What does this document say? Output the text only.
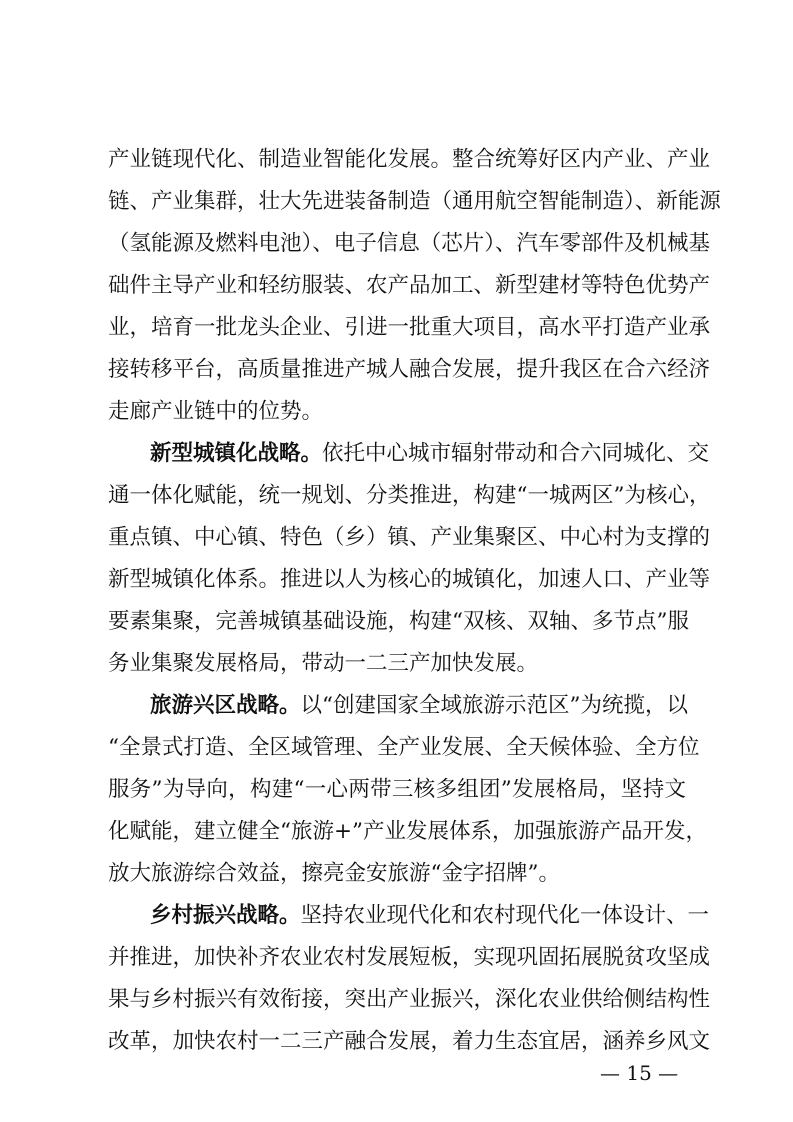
产业链现代化、制造业智能化发展。整合统筹好区内产业、产业
链、产业集群，壮大先进装备制造（通用航空智能制造）、新能源
（氢能源及燃料电池）、电子信息（芯片）、汽车零部件及机械基
础件主导产业和轻纺服装、农产品加工、新型建材等特色优势产
业，培育一批龙头企业、引进一批重大项目，高水平打造产业承
接转移平台，高质量推进产城人融合发展，提升我区在合六经济
走廊产业链中的位势。
新型城镇化战略。依托中心城市辐射带动和合六同城化、交
通一体化赋能，统一规划、分类推进，构建“一城两区”为核心，
重点镇、中心镇、特色（乡）镇、产业集聚区、中心村为支撑的
新型城镇化体系。推进以人为核心的城镇化，加速人口、产业等
要素集聚，完善城镇基础设施，构建“双核、双轴、多节点”服
务业集聚发展格局，带动一二三产加快发展。
旅游兴区战略。以“创建国家全域旅游示范区”为统揽，以
“全景式打造、全区域管理、全产业发展、全天候体验、全方位
服务”为导向，构建“一心两带三核多组团”发展格局，坚持文
化赋能，建立健全“旅游+”产业发展体系，加强旅游产品开发，
放大旅游综合效益，擦亮金安旅游“金字招牌”。
乡村振兴战略。坚持农业现代化和农村现代化一体设计、一
并推进，加快补齐农业农村发展短板，实现巩固拓展脱贫攻坚成
果与乡村振兴有效衔接，突出产业振兴，深化农业供给侧结构性
改革，加快农村一二三产融合发展，着力生态宜居，涵养乡风文
— 15 —
